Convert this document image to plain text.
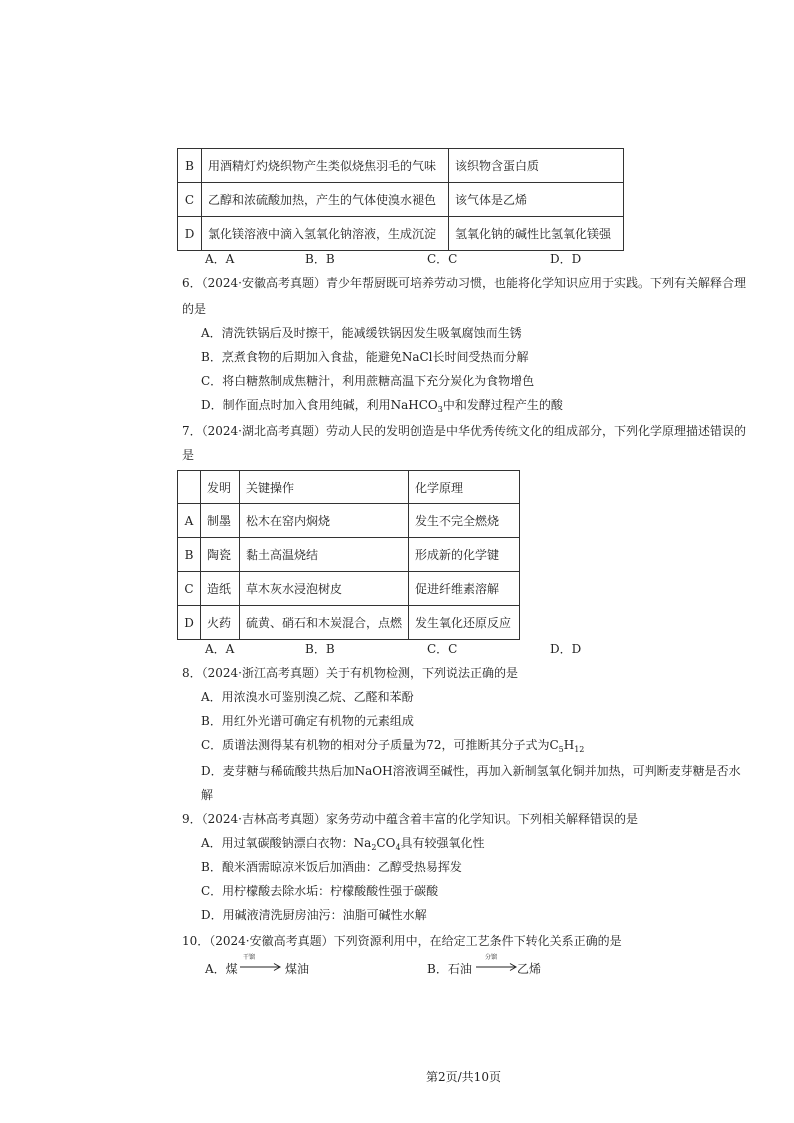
B	用酒精灯灼烧织物产生类似烧焦羽毛的气味	该织物含蛋白质
C	乙醇和浓硫酸加热，产生的气体使溴水褪色	该气体是乙烯
D	氯化镁溶液中滴入氢氧化钠溶液，生成沉淀	氢氧化钠的碱性比氢氧化镁强
A．A	B．B	C．C	D．D
6．（2024·安徽高考真题）青少年帮厨既可培养劳动习惯，也能将化学知识应用于实践。下列有关解释合理
的是
A．清洗铁锅后及时擦干，能减缓铁锅因发生吸氧腐蚀而生锈
B．烹煮食物的后期加入食盐，能避免NaCl长时间受热而分解
C．将白糖熬制成焦糖汁，利用蔗糖高温下充分炭化为食物增色
D．制作面点时加入食用纯碱，利用NaHCO$_3$中和发酵过程产生的酸
7．（2024·湖北高考真题）劳动人民的发明创造是中华优秀传统文化的组成部分，下列化学原理描述错误的
是
	发明	关键操作	化学原理
A	制墨	松木在窑内焖烧	发生不完全燃烧
B	陶瓷	黏土高温烧结	形成新的化学键
C	造纸	草木灰水浸泡树皮	促进纤维素溶解
D	火药	硫黄、硝石和木炭混合，点燃	发生氧化还原反应
A．A	B．B	C．C	D．D
8．（2024·浙江高考真题）关于有机物检测，下列说法正确的是
A．用浓溴水可鉴别溴乙烷、乙醛和苯酚
B．用红外光谱可确定有机物的元素组成
C．质谱法测得某有机物的相对分子质量为72，可推断其分子式为$C_5H_{12}$
D．麦芽糖与稀硫酸共热后加NaOH溶液调至碱性，再加入新制氢氧化铜并加热，可判断麦芽糖是否水
解
9．（2024·吉林高考真题）家务劳动中蕴含着丰富的化学知识。下列相关解释错误的是
A．用过氧碳酸钠漂白衣物：$Na_2CO_4$具有较强氧化性
B．酿米酒需晾凉米饭后加酒曲：乙醇受热易挥发
C．用柠檬酸去除水垢：柠檬酸酸性强于碳酸
D．用碱液清洗厨房油污：油脂可碱性水解
10．（2024·安徽高考真题）下列资源利用中，在给定工艺条件下转化关系正确的是
A．煤
干馏
→ 煤油	B．石油
分馏
乙烯
第2页/共10页
